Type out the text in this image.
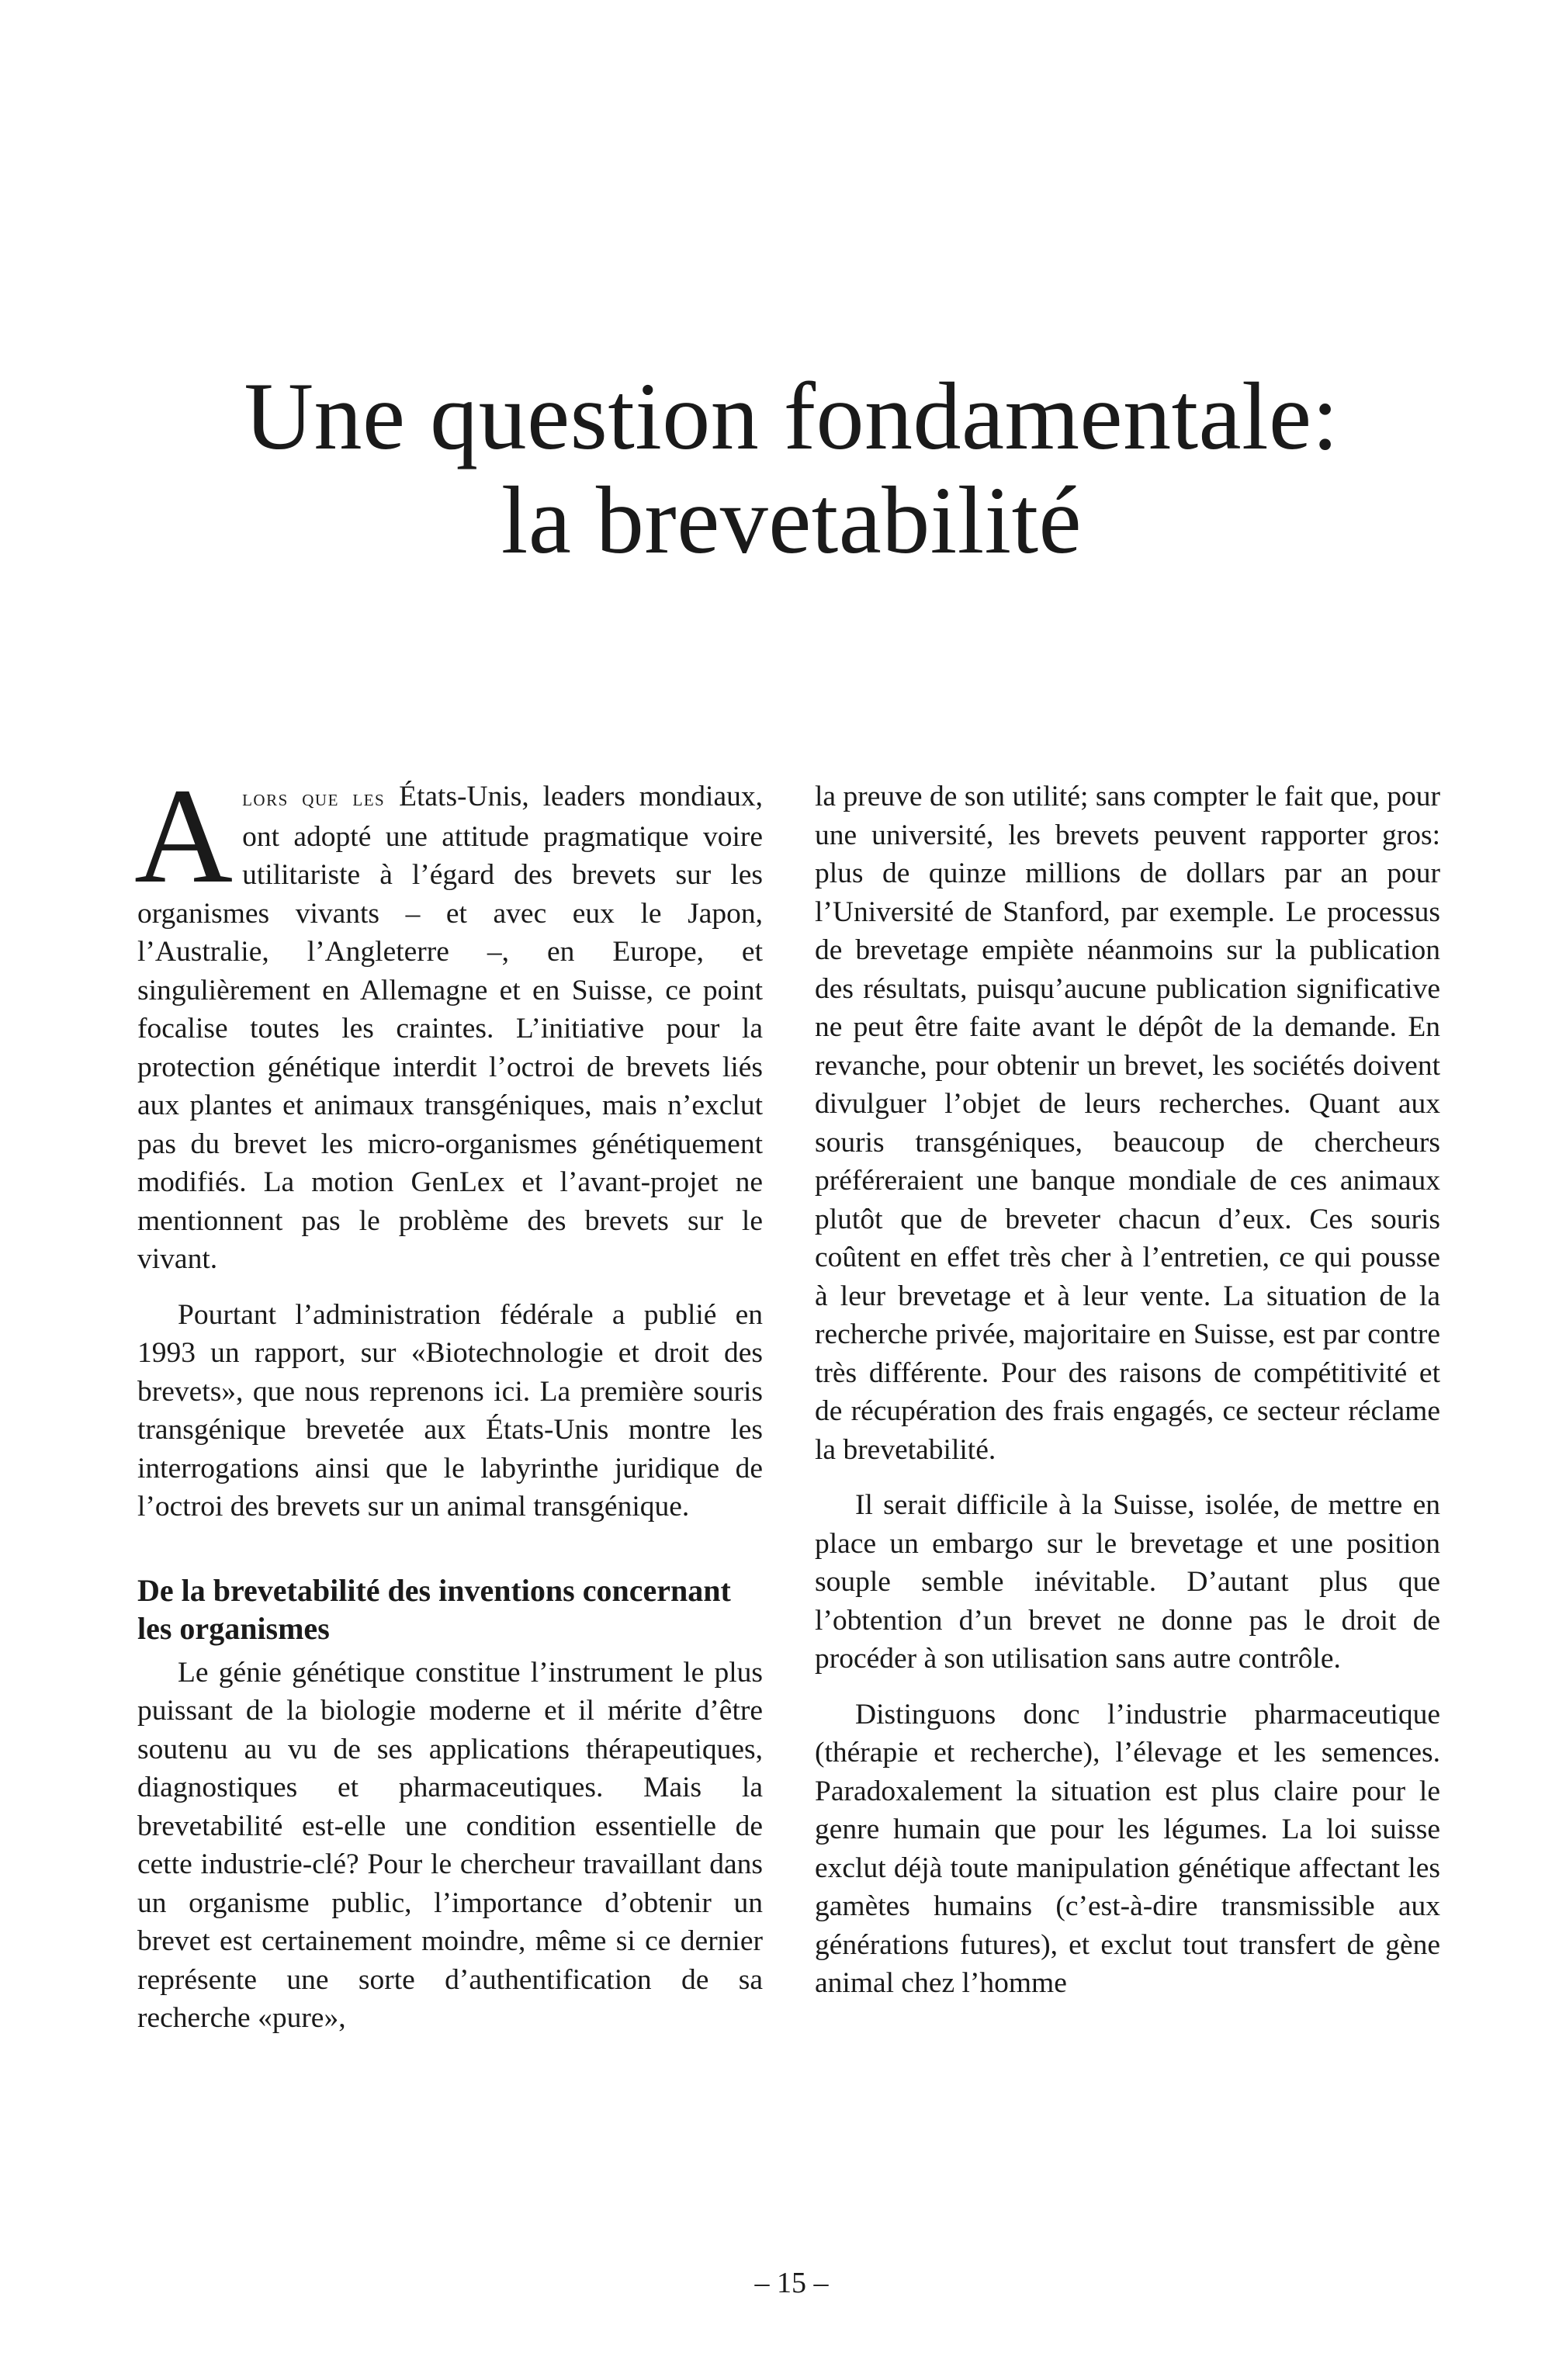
Une question fondamentale:
la brevetabilité

Alors que les États-Unis, leaders mondiaux, ont adopté une attitude pragmatique voire utilitariste à l’égard des brevets sur les organismes vivants – et avec eux le Japon, l’Australie, l’Angleterre –, en Europe, et singulièrement en Allemagne et en Suisse, ce point focalise toutes les craintes. L’initiative pour la protection génétique interdit l’octroi de brevets liés aux plantes et animaux transgéniques, mais n’exclut pas du brevet les micro-organismes génétiquement modifiés. La motion GenLex et l’avant-projet ne mentionnent pas le problème des brevets sur le vivant.

Pourtant l’administration fédérale a publié en 1993 un rapport, sur «Biotechnologie et droit des brevets», que nous reprenons ici. La première souris transgénique brevetée aux États-Unis montre les interrogations ainsi que le labyrinthe juridique de l’octroi des brevets sur un animal transgénique.

De la brevetabilité des inventions concernant les organismes

Le génie génétique constitue l’instrument le plus puissant de la biologie moderne et il mérite d’être soutenu au vu de ses applications thérapeutiques, diagnostiques et pharmaceutiques. Mais la brevetabilité est-elle une condition essentielle de cette industrie-clé? Pour le chercheur travaillant dans un organisme public, l’importance d’obtenir un brevet est certainement moindre, même si ce dernier représente une sorte d’authentification de sa recherche «pure»,

la preuve de son utilité; sans compter le fait que, pour une université, les brevets peuvent rapporter gros: plus de quinze millions de dollars par an pour l’Université de Stanford, par exemple. Le processus de brevetage empiète néanmoins sur la publication des résultats, puisqu’aucune publication significative ne peut être faite avant le dépôt de la demande. En revanche, pour obtenir un brevet, les sociétés doivent divulguer l’objet de leurs recherches. Quant aux souris transgéniques, beaucoup de chercheurs préféreraient une banque mondiale de ces animaux plutôt que de breveter chacun d’eux. Ces souris coûtent en effet très cher à l’entretien, ce qui pousse à leur brevetage et à leur vente. La situation de la recherche privée, majoritaire en Suisse, est par contre très différente. Pour des raisons de compétitivité et de récupération des frais engagés, ce secteur réclame la brevetabilité.

Il serait difficile à la Suisse, isolée, de mettre en place un embargo sur le brevetage et une position souple semble inévitable. D’autant plus que l’obtention d’un brevet ne donne pas le droit de procéder à son utilisation sans autre contrôle.

Distinguons donc l’industrie pharmaceutique (thérapie et recherche), l’élevage et les semences. Paradoxalement la situation est plus claire pour le genre humain que pour les légumes. La loi suisse exclut déjà toute manipulation génétique affectant les gamètes humains (c’est-à-dire transmissible aux générations futures), et exclut tout transfert de gène animal chez l’homme

– 15 –
